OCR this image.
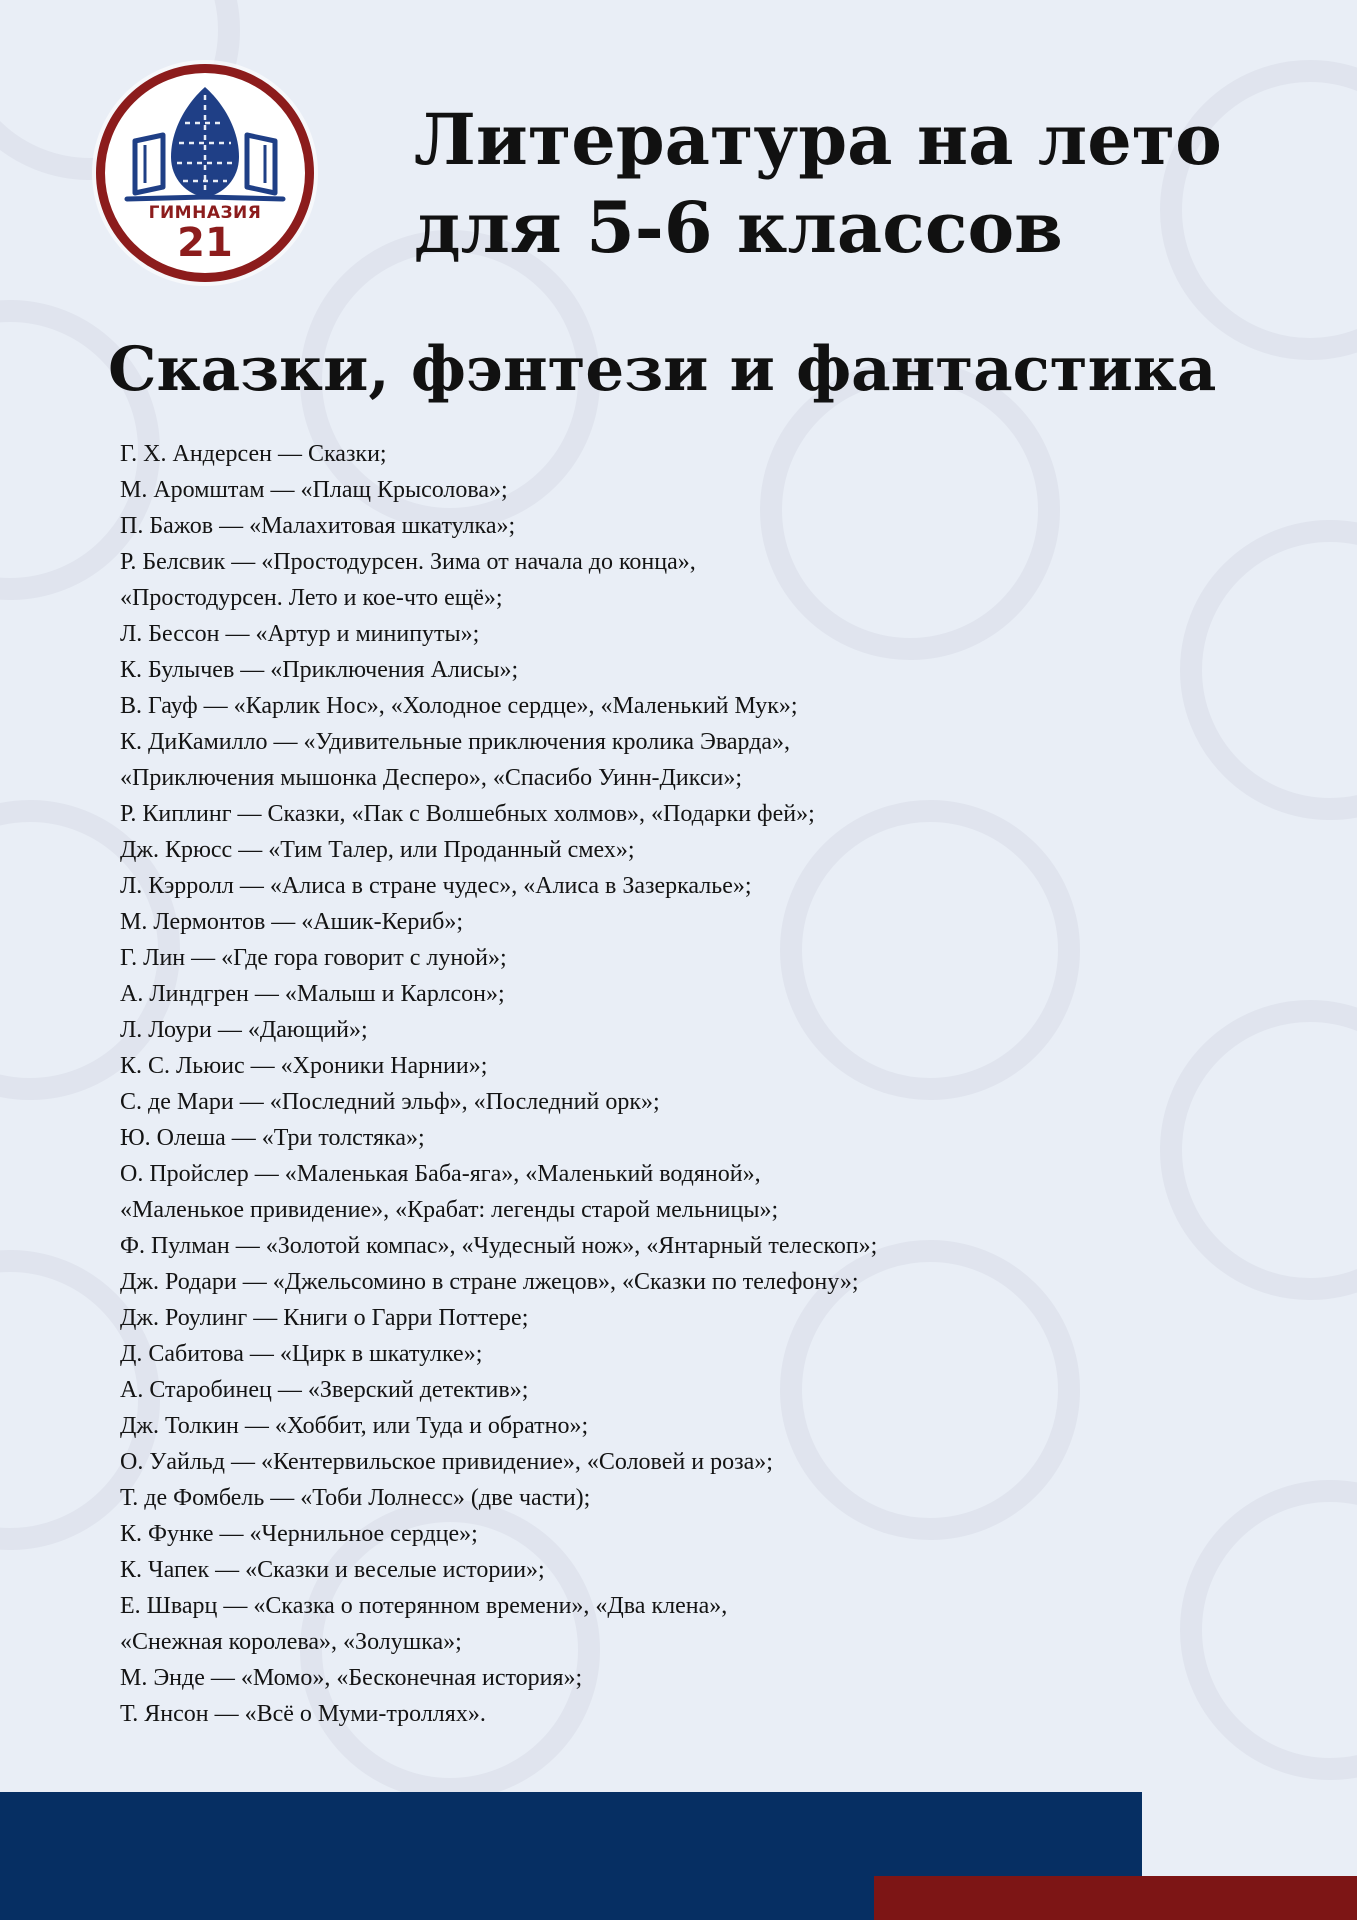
ГИМНАЗИЯ
21
Литература на лето
для 5-6 классов
Сказки, фэнтези и фантастика
Г. Х. Андерсен — Сказки;
М. Аромштам — «Плащ Крысолова»;
П. Бажов — «Малахитовая шкатулка»;
Р. Белсвик — «Простодурсен. Зима от начала до конца»,
«Простодурсен. Лето и кое-что ещё»;
Л. Бессон — «Артур и минипуты»;
К. Булычев — «Приключения Алисы»;
В. Гауф — «Карлик Нос», «Холодное сердце», «Маленький Мук»;
К. ДиКамилло — «Удивительные приключения кролика Эварда»,
«Приключения мышонка Десперо», «Спасибо Уинн-Дикси»;
Р. Киплинг — Сказки, «Пак с Волшебных холмов», «Подарки фей»;
Дж. Крюсс — «Тим Талер, или Проданный смех»;
Л. Кэрролл — «Алиса в стране чудес», «Алиса в Зазеркалье»;
М. Лермонтов — «Ашик-Кериб»;
Г. Лин — «Где гора говорит с луной»;
А. Линдгрен — «Малыш и Карлсон»;
Л. Лоури — «Дающий»;
К. С. Льюис — «Хроники Нарнии»;
С. де Мари — «Последний эльф», «Последний орк»;
Ю. Олеша — «Три толстяка»;
О. Пройслер — «Маленькая Баба-яга», «Маленький водяной»,
«Маленькое привидение», «Крабат: легенды старой мельницы»;
Ф. Пулман — «Золотой компас», «Чудесный нож», «Янтарный телескоп»;
Дж. Родари — «Джельсомино в стране лжецов», «Сказки по телефону»;
Дж. Роулинг — Книги о Гарри Поттере;
Д. Сабитова — «Цирк в шкатулке»;
А. Старобинец — «Зверский детектив»;
Дж. Толкин — «Хоббит, или Туда и обратно»;
О. Уайльд — «Кентервильское привидение», «Соловей и роза»;
Т. де Фомбель — «Тоби Лолнесс» (две части);
К. Функе — «Чернильное сердце»;
К. Чапек — «Сказки и веселые истории»;
Е. Шварц — «Сказка о потерянном времени», «Два клена»,
«Снежная королева», «Золушка»;
М. Энде — «Момо», «Бесконечная история»;
Т. Янсон — «Всё о Муми-троллях».
